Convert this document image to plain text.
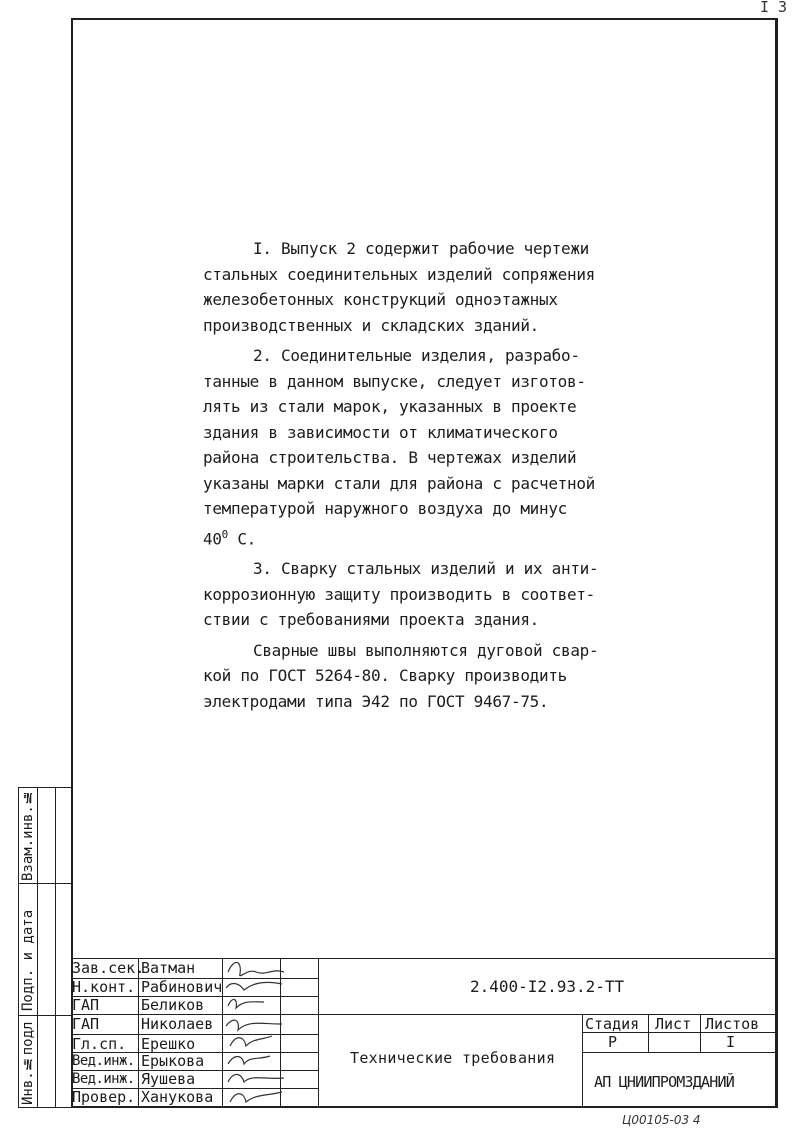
I 3

I. Выпуск 2 содержит рабочие чертежи
стальных соединительных изделий сопряжения
железобетонных конструкций одноэтажных
производственных и складских зданий.

2. Соединительные изделия, разрабо-
танные в данном выпуске, следует изготов-
лять из стали марок, указанных в проекте
здания в зависимости от климатического
района строительства. В чертежах изделий
указаны марки стали для района с расчетной
температурой наружного воздуха до минус
$40^0$ С.

3. Сварку стальных изделий и их анти-
коррозионную защиту производить в соответ-
ствии с требованиями проекта здания.

Сварные швы выполняются дуговой свар-
кой по ГОСТ 5264-80. Сварку производить
электродами типа Э42 по ГОСТ 9467-75.

Взам.инв.№
Подп. и дата
Инв.№подл
Зав.сек.
Н.конт.
ГАП
ГАП
Гл.сп.
Вед.инж.
Вед.инж.
Провер.
Ватман
Рабинович
Беликов
Николаев
Ерешко
Ерыкова
Яушева
Ханукова
2.400-I2.93.2-ТТ
Технические требования
Стадия Лист Листов
Р	I
АП ЦНИИПРОМЗДАНИЙ
Ц00105-03 4
